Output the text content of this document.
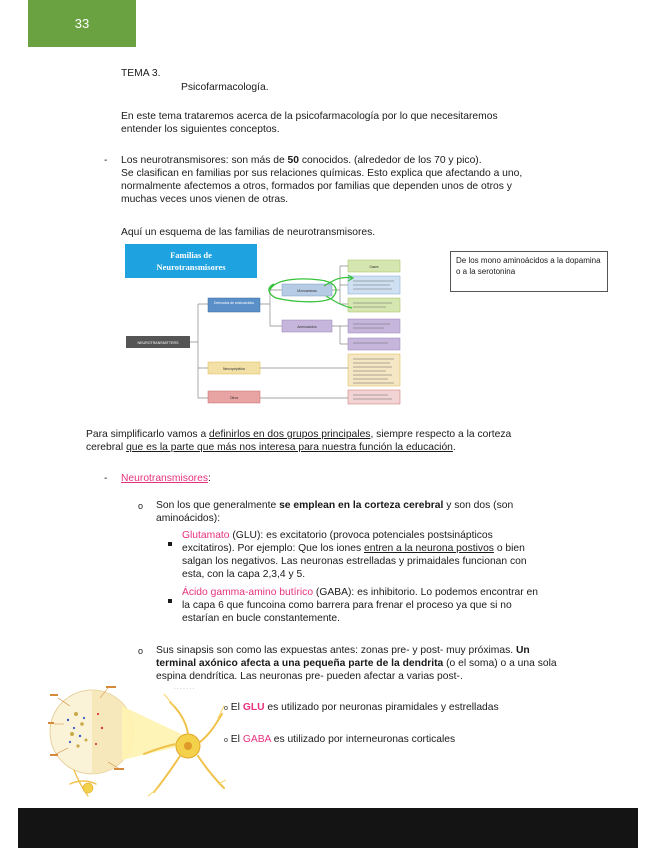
33
TEMA 3.
Psicofarmacología.
En este tema trataremos acerca de la psicofarmacología por lo que necesitaremos
entender los siguientes conceptos.
- Los neurotransmisores: son más de 50 conocidos. (alrededor de los 70 y pico).
Se clasifican en familias por sus relaciones químicas. Esto explica que afectando a uno,
normalmente afectemos a otros, formados por familias que dependen unos de otros y
muchas veces unos vienen de otras.
Aquí un esquema de las familias de neurotransmisores.
Familias de
Neurotransmisores
NEUROTRANSMITTERS
Derivados de aminoácidos
Neuropéptidos
Otros
Monoaminas
Aminoácidos
Gases
De los mono aminoácidos a la dopamina o a la serotonina
Para simplificarlo vamos a definirlos en dos grupos principales, siempre respecto a la corteza
cerebral que es la parte que más nos interesa para nuestra función la educación.
- Neurotransmisores:
o Son los que generalmente se emplean en la corteza cerebral y son dos (son
aminoácidos):
Glutamato (GLU): es excitatorio (provoca potenciales postsinápticos
excitatiros). Por ejemplo: Que los iones entren a la neurona postivos o bien
salgan los negativos. Las neuronas estrelladas y primaidales funcionan con
esta, con la capa 2,3,4 y 5.
Ácido gamma-amino butírico (GABA): es inhibitorio. Lo podemos encontrar en
la capa 6 que funcoina como barrera para frenar el proceso ya que si no
estarían en bucle constantemente.
o Sus sinapsis son como las expuestas antes: zonas pre- y post- muy próximas. Un
terminal axónico afecta a una pequeña parte de la dendrita (o el soma) o a una sola
espina dendrítica. Las neuronas pre- pueden afectar a varias post-.
· · · · · · ·
o El GLU es utilizado por neuronas piramidales y estrelladas
o El GABA es utilizado por interneuronas corticales
